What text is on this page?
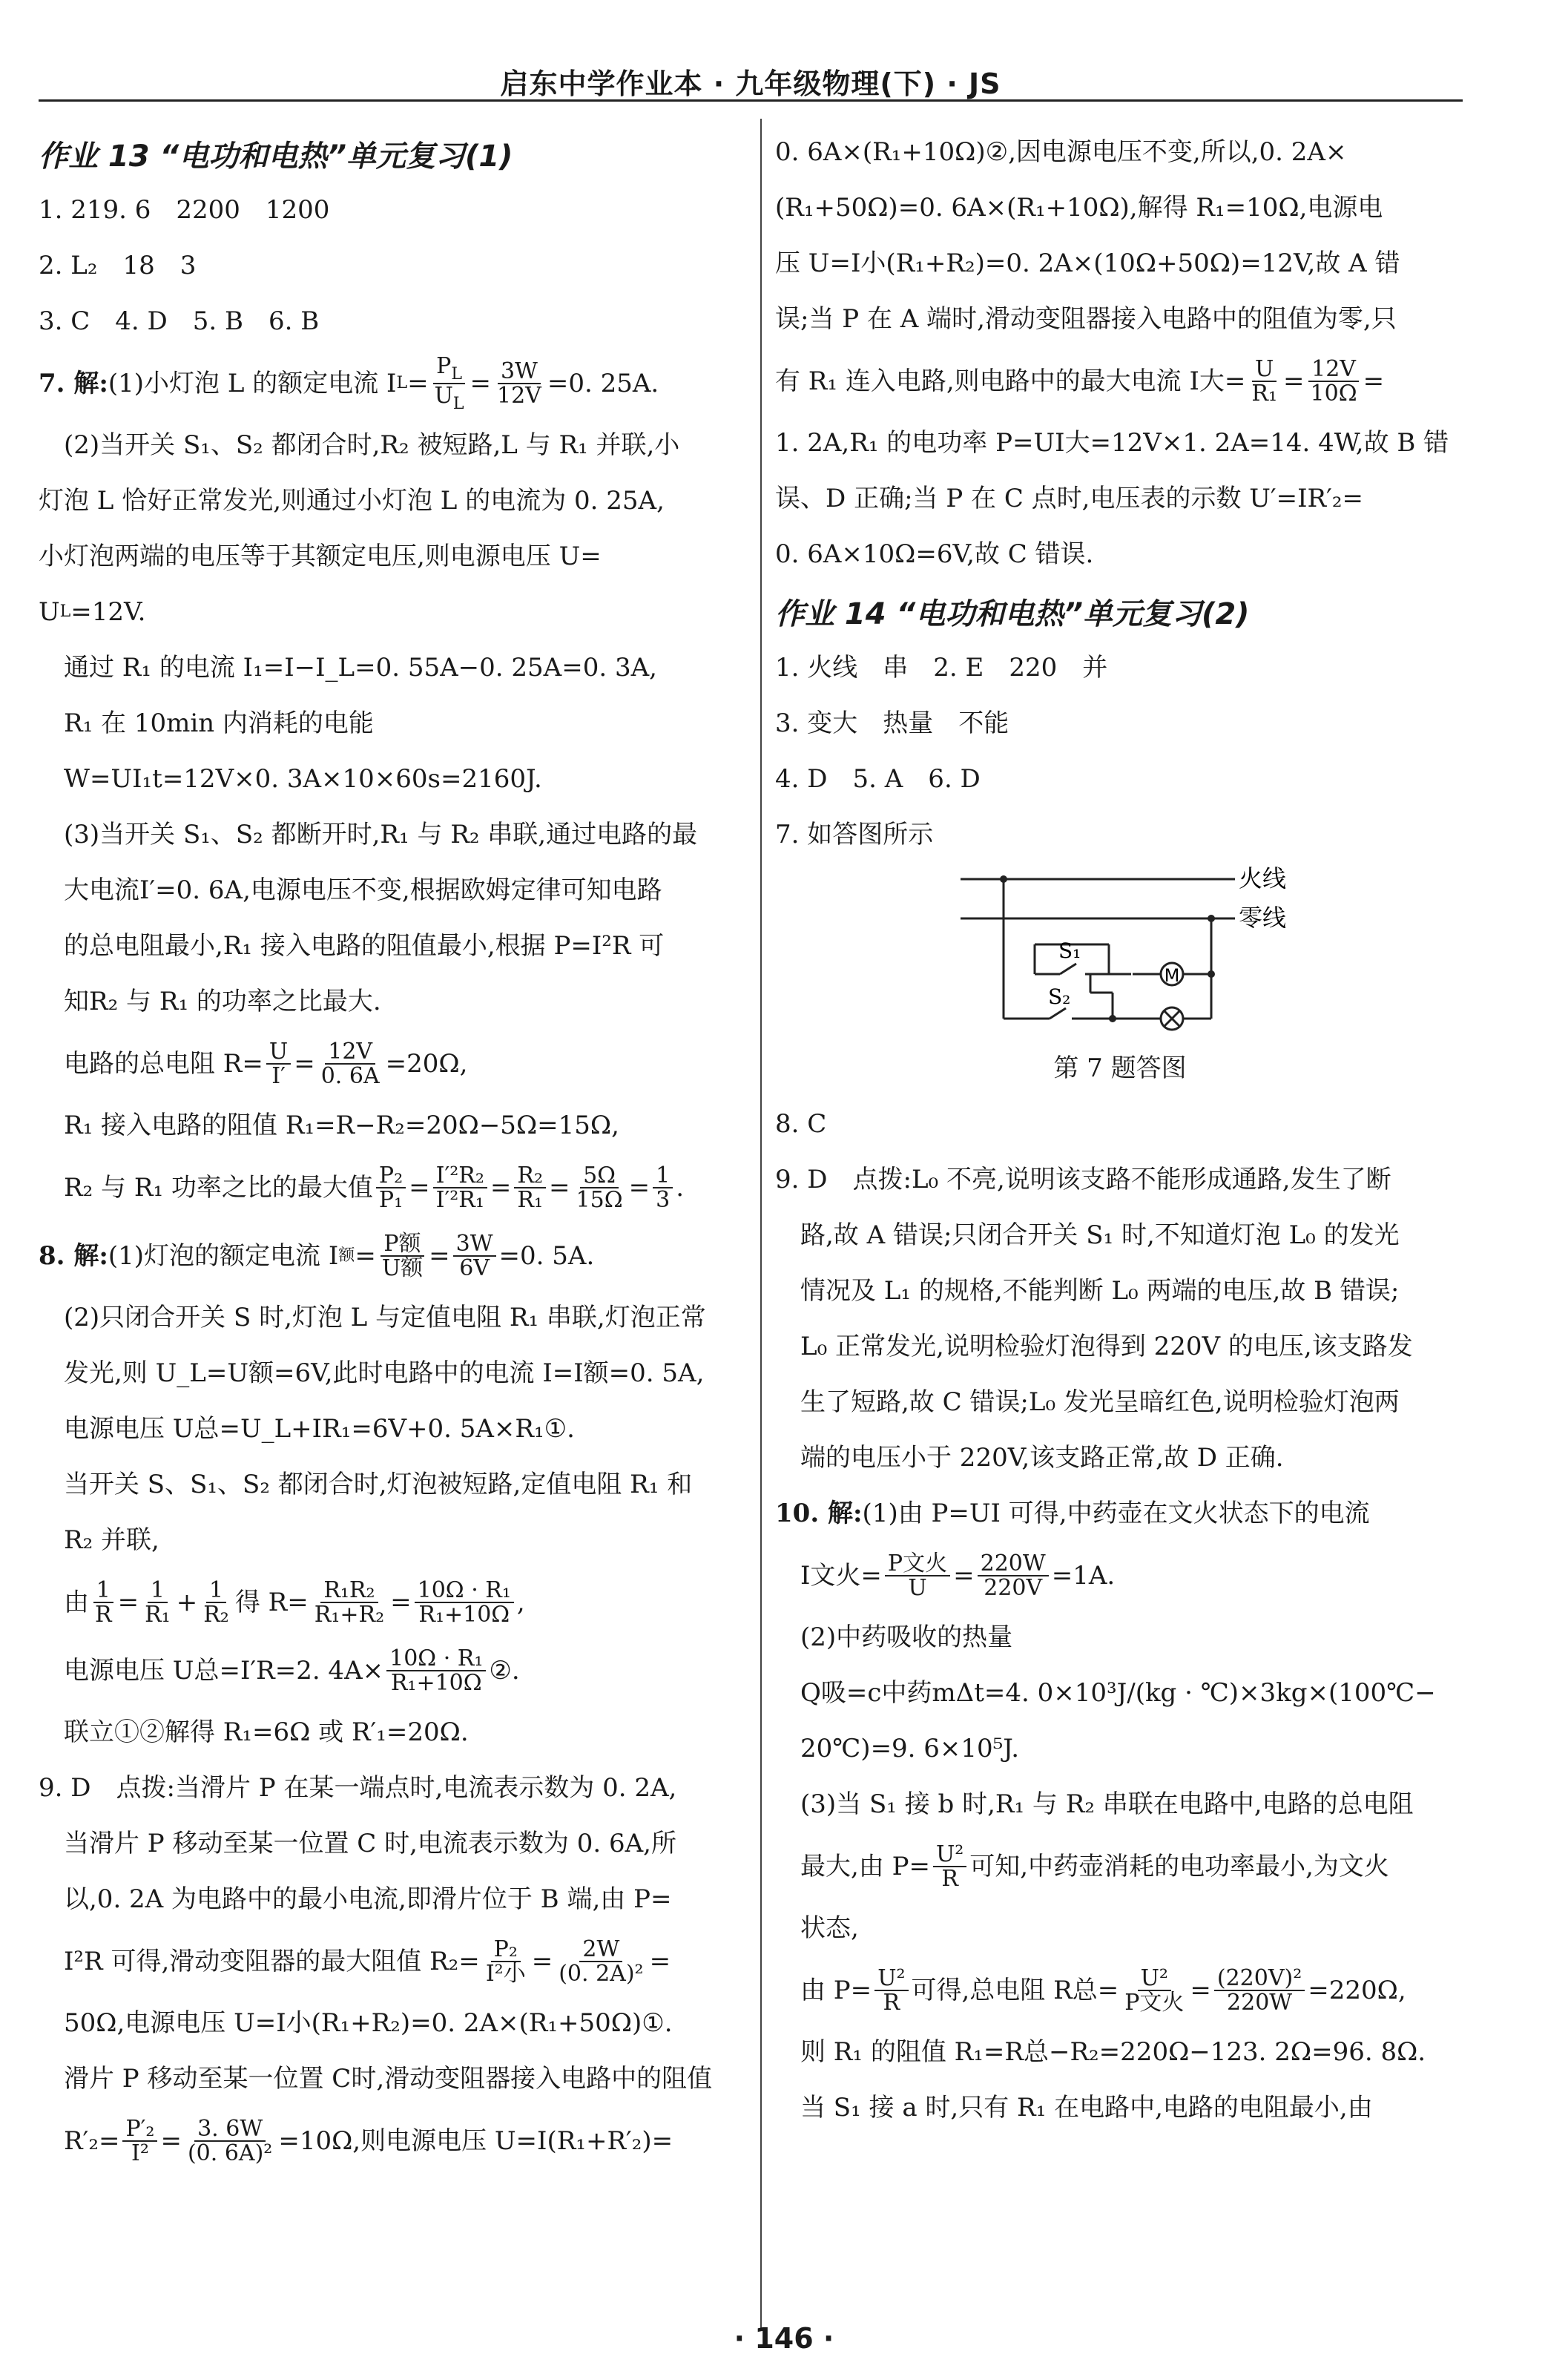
启东中学作业本 · 九年级物理(下) · JS
作业 13 “电功和电热”单元复习(1)
1. 219. 6　2200　1200
2. L₂　18　3
3. C　4. D　5. B　6. B
7. 解: (1)小灯泡 L 的额定电流 I $L = \frac{P_L}{U_L} = \frac{3W}{12V} =0$. 25A.
(2)当开关 S₁、S₂ 都闭合时,R₂ 被短路,L 与 R₁ 并联,小
灯泡 L 恰好正常发光,则通过小灯泡 L 的电流为 0. 25A,
小灯泡两端的电压等于其额定电压,则电源电压 U=
U L =12V.
通过 R₁ 的电流 I₁=I−I_L=0. 55A−0. 25A=0. 3A,
R₁ 在 10min 内消耗的电能
W=UI₁t=12V×0. 3A×10×60s=2160J.
(3)当开关 S₁、S₂ 都断开时,R₁ 与 R₂ 串联,通过电路的最
大电流I′=0. 6A,电源电压不变,根据欧姆定律可知电路
的总电阻最小,R₁ 接入电路的阻值最小,根据 P=I²R 可
知R₂ 与 R₁ 的功率之比最大.
电路的总电阻 $R= \frac{U}{I'} = \frac{12V}{0. 6A} =20\Omega$,
R₁ 接入电路的阻值 R₁=R−R₂=20Ω−5Ω=15Ω,
R₂ 与 R₁ 功率之比的最大值 $\frac{\text{P₂}}{\text{P₁}} = \frac{\text{I′²R₂}}{\text{I′²R₁}} = \frac{\text{R₂}}{\text{R₁}} = \frac{5\Omega}{15\Omega} = \frac{1}{3}$ .
8. 解: (1)灯泡的额定电流 I 额 = $\frac{\text{P额}}{\text{U额}} = \frac{3W}{6V} =0$. 5A.
(2)只闭合开关 S 时,灯泡 L 与定值电阻 R₁ 串联,灯泡正常
发光,则 U_L=U额=6V,此时电路中的电流 I=I额=0. 5A,
电源电压 U总=U_L+IR₁=6V+0. 5A×R₁①.
当开关 S、S₁、S₂ 都闭合时,灯泡被短路,定值电阻 R₁ 和
R₂ 并联,
由 $\frac{1}{R} = \frac{1}{\text{R₁}} + \frac{1}{\text{R₂}}$ 得 $R= \frac{\text{R₁R₂}}{\text{R₁+R₂}} = \frac{\text{10Ω · R₁}}{\text{R₁+10Ω}}$ ,
电源电压 U总=I′R=2. $4A\times \frac{\text{10Ω · R₁}}{\text{R₁+10Ω}}$ ②.
联立①②解得 R₁=6Ω 或 R′₁=20Ω.
9. D　点拨:当滑片 P 在某一端点时,电流表示数为 0. 2A,
当滑片 P 移动至某一位置 C 时,电流表示数为 0. 6A,所
以,0. 2A 为电路中的最小电流,即滑片位于 B 端,由 P=
I²R 可得,滑动变阻器的最大阻值 $R_2= \frac{\text{P₂}}{\text{I²小}} = \frac{2W}{\text{(0. 2A)²}}$ =
50Ω,电源电压 U=I小(R₁+R₂)=0. 2A×(R₁+50Ω)①.
滑片 P 移动至某一位置 C时,滑动变阻器接入电路中的阻值
$R'_2= \frac{\text{P′₂}}{\text{I²}} = \frac{3. 6W}{\text{(0. 6A)²}} =10\Omega$,则电源电压 U=I(R₁+R′₂)=
0. 6A×(R₁+10Ω)②,因电源电压不变,所以,0. 2A×
(R₁+50Ω)=0. 6A×(R₁+10Ω),解得 R₁=10Ω,电源电
压 U=I小(R₁+R₂)=0. 2A×(10Ω+50Ω)=12V,故 A 错
误;当 P 在 A 端时,滑动变阻器接入电路中的阻值为零,只
有 R₁ 连入电路,则电路中的最大电流 I大= $\frac{U}{\text{R₁}} = \frac{12V}{10\Omega}$ =
1. 2A,R₁ 的电功率 P=UI大=12V×1. 2A=14. 4W,故 B 错
误、D 正确;当 P 在 C 点时,电压表的示数 U′=IR′₂=
0. 6A×10Ω=6V,故 C 错误.
作业 14 “电功和电热”单元复习(2)
1. 火线　串　2. E　220　并
3. 变大　热量　不能
4. D　5. A　6. D
7. 如答图所示
火线
零线
S₁
S₂
M
第 7 题答图
8. C
9. D　点拨:L₀ 不亮,说明该支路不能形成通路,发生了断
路,故 A 错误;只闭合开关 S₁ 时,不知道灯泡 L₀ 的发光
情况及 L₁ 的规格,不能判断 L₀ 两端的电压,故 B 错误;
L₀ 正常发光,说明检验灯泡得到 220V 的电压,该支路发
生了短路,故 C 错误;L₀ 发光呈暗红色,说明检验灯泡两
端的电压小于 220V,该支路正常,故 D 正确.
10. 解: (1)由 P=UI 可得,中药壶在文火状态下的电流
I文火= $\frac{\text{P文火}}{U} = \frac{220W}{220V} =1A$.
(2)中药吸收的热量
Q吸=c中药mΔt=4. 0×10³J/(kg · ℃)×3kg×(100℃−
20℃)=9. 6×10⁵J.
(3)当 S₁ 接 b 时,R₁ 与 R₂ 串联在电路中,电路的总电阻
最大,由 $P= \frac{\text{U²}}{R}$ 可知,中药壶消耗的电功率最小,为文火
状态,
由 $P= \frac{\text{U²}}{R}$ 可得,总电阻 R总= $\frac{\text{U²}}{\text{P文火}} = \frac{\text{(220V)²}}{220W} =220\Omega$,
则 R₁ 的阻值 R₁=R总−R₂=220Ω−123. 2Ω=96. 8Ω.
当 S₁ 接 a 时,只有 R₁ 在电路中,电路的电阻最小,由
· 146 ·
